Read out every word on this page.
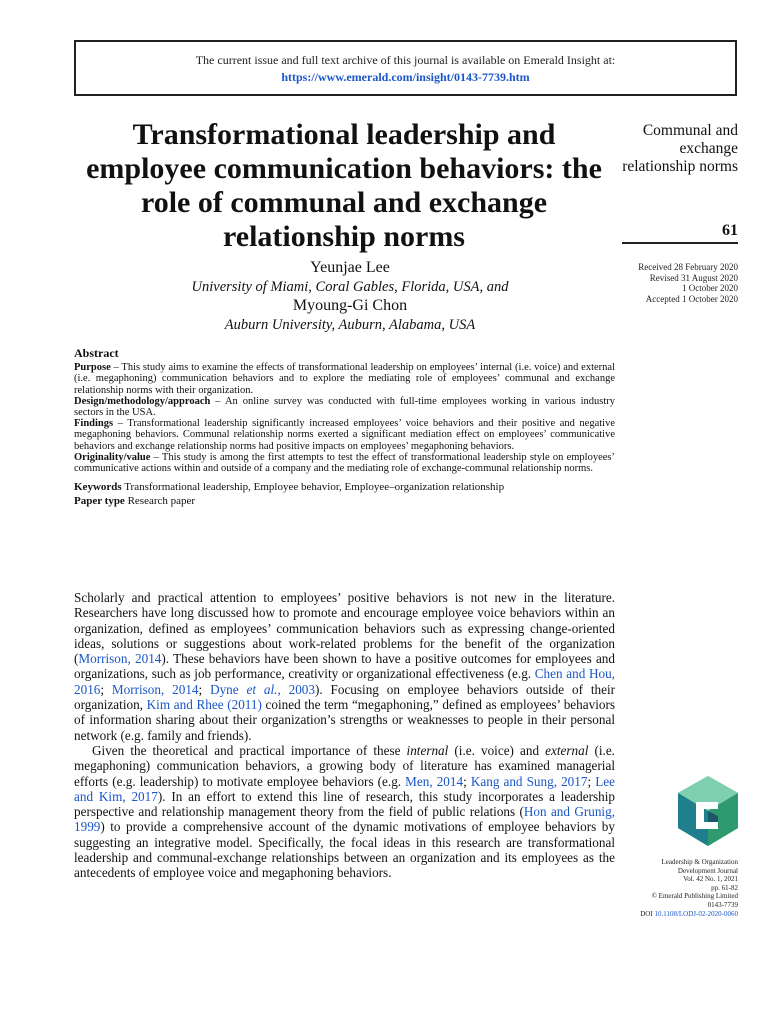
The current issue and full text archive of this journal is available on Emerald Insight at:
https://www.emerald.com/insight/0143-7739.htm
Transformational leadership and employee communication behaviors: the role of communal and exchange relationship norms
Yeunjae Lee
University of Miami, Coral Gables, Florida, USA, and
Myoung-Gi Chon
Auburn University, Auburn, Alabama, USA
Communal and exchange relationship norms
61
Received 28 February 2020
Revised 31 August 2020
1 October 2020
Accepted 1 October 2020
Abstract

Purpose – This study aims to examine the effects of transformational leadership on employees’ internal (i.e. voice) and external (i.e. megaphoning) communication behaviors and to explore the mediating role of employees’ communal and exchange relationship norms with their organization.

Design/methodology/approach – An online survey was conducted with full-time employees working in various industry sectors in the USA.

Findings – Transformational leadership significantly increased employees’ voice behaviors and their positive and negative megaphoning behaviors. Communal relationship norms exerted a significant mediation effect on employees’ communicative behaviors and exchange relationship norms had positive impacts on employees’ megaphoning behaviors.

Originality/value – This study is among the first attempts to test the effect of transformational leadership style on employees’ communicative actions within and outside of a company and the mediating role of exchange-communal relationship norms.

Keywords Transformational leadership, Employee behavior, Employee–organization relationship

Paper type Research paper

Scholarly and practical attention to employees’ positive behaviors is not new in the literature. Researchers have long discussed how to promote and encourage employee voice behaviors within an organization, defined as employees’ communication behaviors such as expressing change-oriented ideas, solutions or suggestions about work-related problems for the benefit of the organization (Morrison, 2014). These behaviors have been shown to have a positive outcomes for employees and organizations, such as job performance, creativity or organizational effectiveness (e.g. Chen and Hou, 2016; Morrison, 2014; Dyne et al., 2003). Focusing on employee behaviors outside of their organization, Kim and Rhee (2011) coined the term “megaphoning,” defined as employees’ behaviors of information sharing about their organization’s strengths or weaknesses to people in their personal network (e.g. family and friends).

Given the theoretical and practical importance of these internal (i.e. voice) and external (i.e. megaphoning) communication behaviors, a growing body of literature has examined managerial efforts (e.g. leadership) to motivate employee behaviors (e.g. Men, 2014; Kang and Sung, 2017; Lee and Kim, 2017). In an effort to extend this line of research, this study incorporates a leadership perspective and relationship management theory from the field of public relations (Hon and Grunig, 1999) to provide a comprehensive account of the dynamic motivations of employee behaviors by suggesting an integrative model. Specifically, the focal ideas in this research are transformational leadership and communal-exchange relationships between an organization and its employees as the antecedents of employee voice and megaphoning behaviors.

Leadership & Organization
Development Journal
Vol. 42 No. 1, 2021
pp. 61-82
© Emerald Publishing Limited
0143-7739
DOI 10.1108/LODJ-02-2020-0060
